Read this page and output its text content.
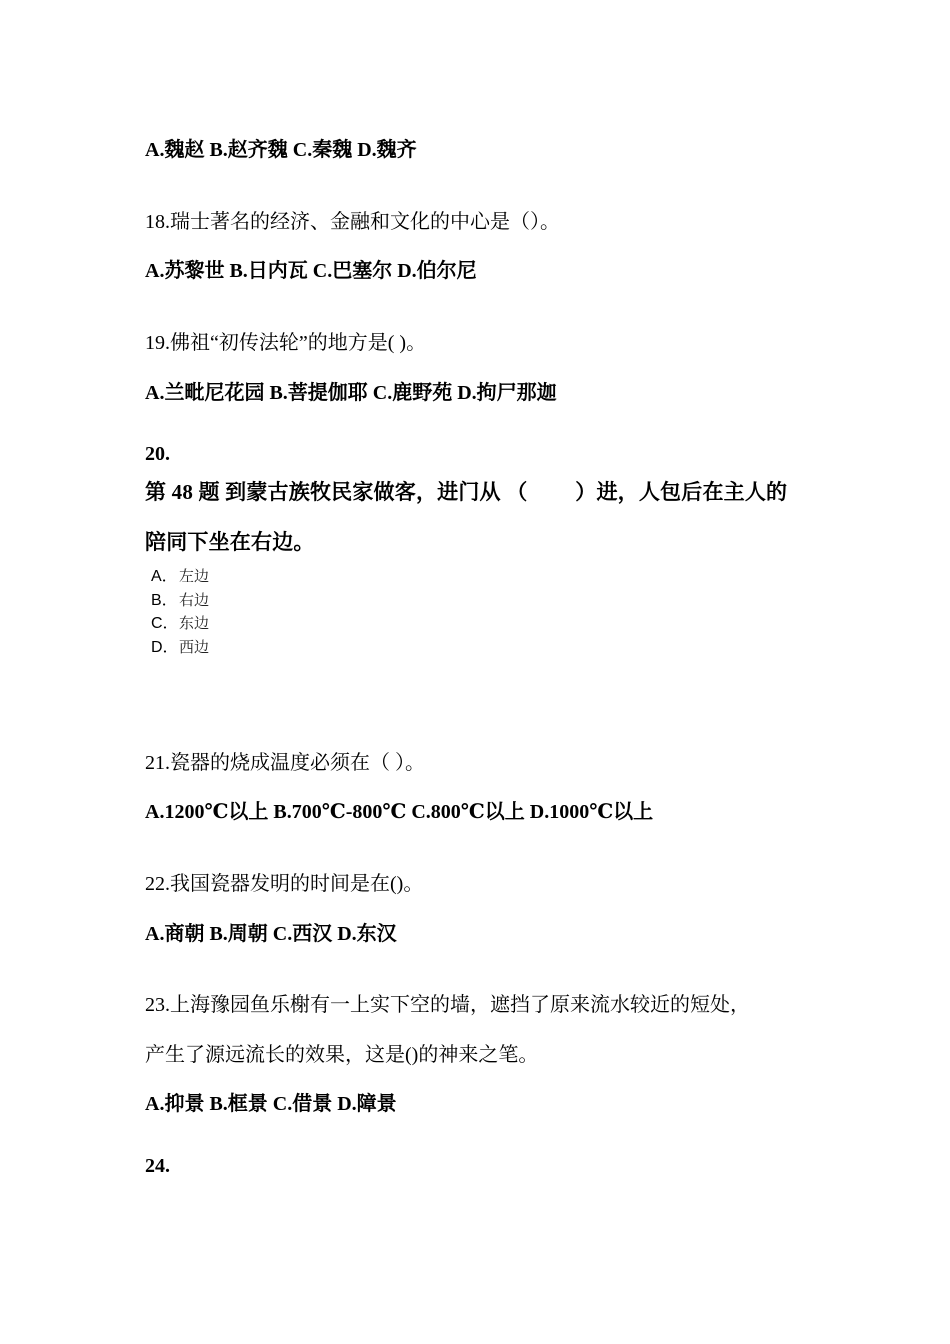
A.魏赵 B.赵齐魏 C.秦魏 D.魏齐
18.瑞士著名的经济、金融和文化的中心是（）。
A.苏黎世 B.日内瓦 C.巴塞尔 D.伯尔尼
19.佛祖“初传法轮”的地方是( )。
A.兰毗尼花园 B.菩提伽耶 C.鹿野苑 D.拘尸那迦
20.
第 48 题 到蒙古族牧民家做客，进门从 （　　 ）进，人包后在主人的
陪同下坐在右边。
A．左边
B．右边
C．东边
D．西边
21.瓷器的烧成温度必须在（ ）。
A.1200℃以上 B.700℃-800℃ C.800℃以上 D.1000℃以上
22.我国瓷器发明的时间是在()。
A.商朝 B.周朝 C.西汉 D.东汉
23.上海豫园鱼乐榭有一上实下空的墙，遮挡了原来流水较近的短处，
产生了源远流长的效果，这是()的神来之笔。
A.抑景 B.框景 C.借景 D.障景
24.
